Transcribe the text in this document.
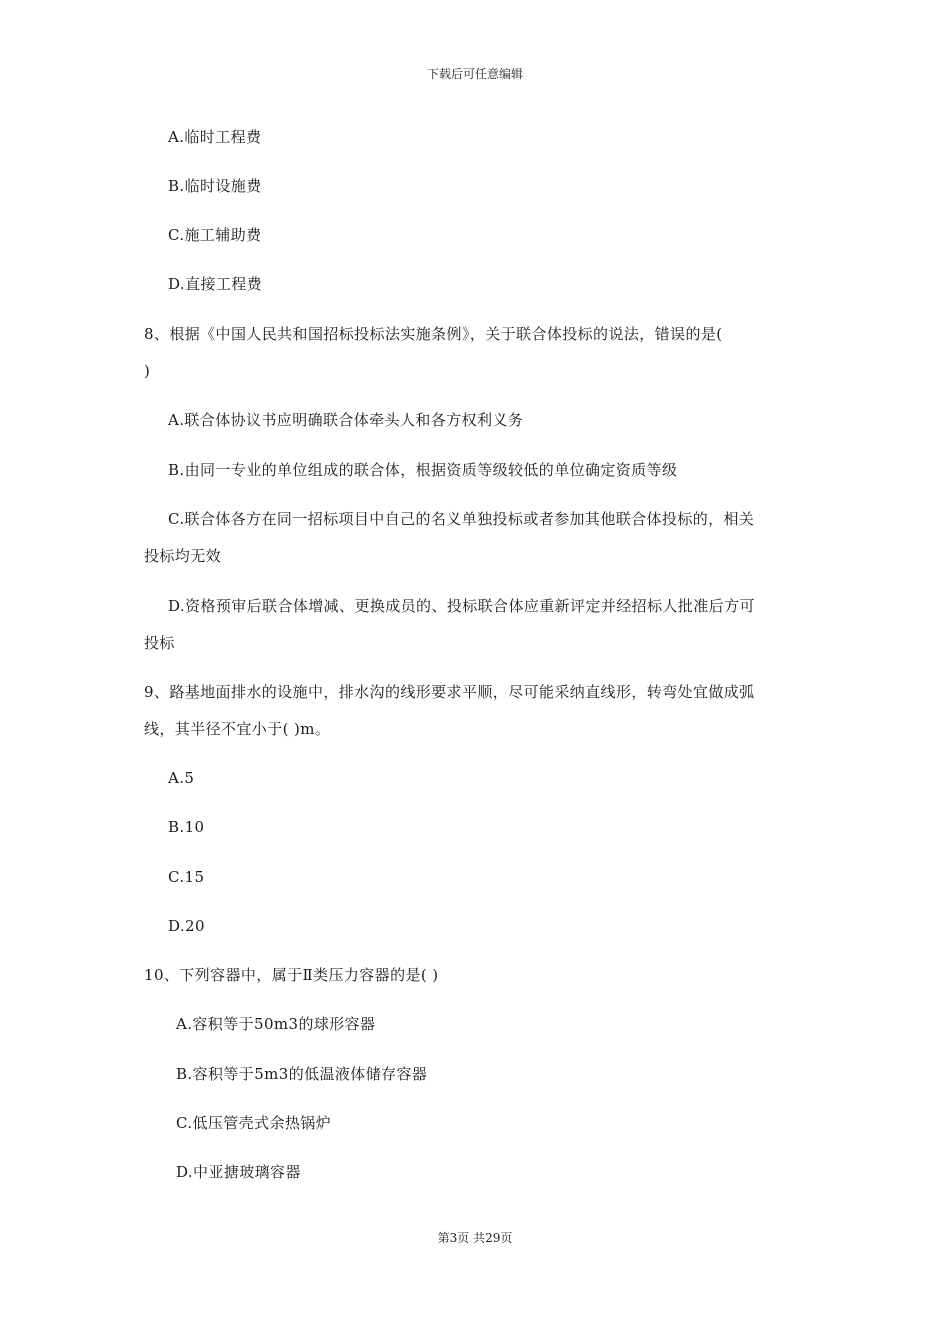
下载后可任意编辑
A.临时工程费
B.临时设施费
C.施工辅助费
D.直接工程费
8、根据《中国人民共和国招标投标法实施条例》，关于联合体投标的说法，错误的是(
)
A.联合体协议书应明确联合体牵头人和各方权利义务
B.由同一专业的单位组成的联合体，根据资质等级较低的单位确定资质等级
C.联合体各方在同一招标项目中自己的名义单独投标或者参加其他联合体投标的，相关
投标均无效
D.资格预审后联合体增减、更换成员的、投标联合体应重新评定并经招标人批准后方可
投标
9、路基地面排水的设施中，排水沟的线形要求平顺，尽可能采纳直线形，转弯处宜做成弧
线，其半径不宜小于( )m。
A.5
B.10
C.15
D.20
10、下列容器中，属于Ⅱ类压力容器的是( )
A.容积等于50m3的球形容器
B.容积等于5m3的低温液体储存容器
C.低压管壳式余热锅炉
D.中亚搪玻璃容器
第3页 共29页
